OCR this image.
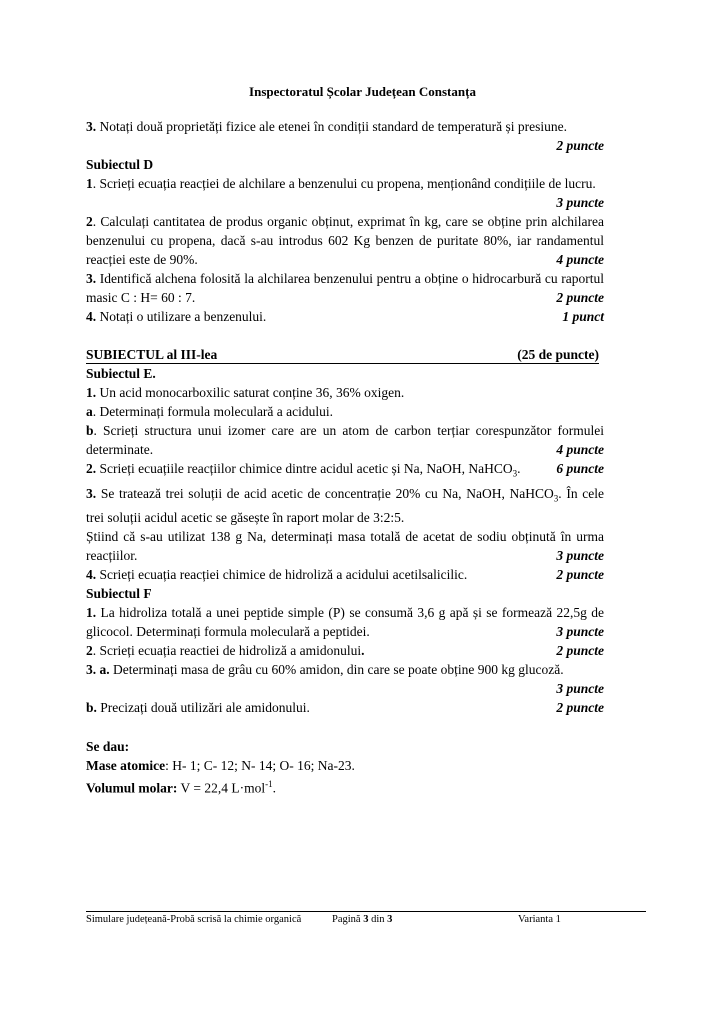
Inspectoratul Școlar Județean Constanța
3. Notați două proprietăți fizice ale etenei în condiții standard de temperatură și presiune.
2 puncte
Subiectul D
1. Scrieți ecuația reacției de alchilare a benzenului cu propena, menționând condițiile de lucru.
3 puncte
2. Calculați cantitatea de produs organic obținut, exprimat în kg, care se obține prin alchilarea benzenului cu propena, dacă s-au introdus 602 Kg benzen de puritate 80%, iar randamentul reacției este de 90%.	4 puncte
3. Identifică alchena folosită la alchilarea benzenului pentru a obține o hidrocarbură cu raportul masic C : H= 60 : 7.	2 puncte
4. Notați o utilizare a benzenului.	1 punct
SUBIECTUL al III-lea	(25 de puncte)
Subiectul E.
1. Un acid monocarboxilic saturat conține 36, 36% oxigen.
a. Determinați formula moleculară a acidului.
b. Scrieți structura unui izomer care are un atom de carbon terțiar corespunzător formulei determinate.	4 puncte
2. Scrieți ecuațiile reacțiilor chimice dintre acidul acetic și Na, NaOH, NaHCO$_3$.	6 puncte
3. Se tratează trei soluții de acid acetic de concentrație 20% cu Na, NaOH, NaHCO$_3$. În cele trei soluții acidul acetic se găsește în raport molar de 3:2:5.
Știind că s-au utilizat 138 g Na, determinați masa totală de acetat de sodiu obținută în urma reacțiilor.	3 puncte
4. Scrieți ecuația reacției chimice de hidroliză a acidului acetilsalicilic.	2 puncte
Subiectul F
1. La hidroliza totală a unei peptide simple (P) se consumă 3,6 g apă și se formează 22,5g de glicocol. Determinați formula moleculară a peptidei.	3 puncte
2. Scrieți ecuația reactiei de hidroliză a amidonului.	2 puncte
3. a. Determinați masa de grâu cu 60% amidon, din care se poate obține 900 kg glucoză.
3 puncte
b. Precizați două utilizări ale amidonului.	2 puncte
Se dau:
Mase atomice: H- 1; C- 12; N- 14; O- 16; Na-23.
Volumul molar: V = 22,4 L·mol$^{-1}$.
Simulare județeană-Probă scrisă la chimie organică	Pagină 3 din 3	Varianta 1
